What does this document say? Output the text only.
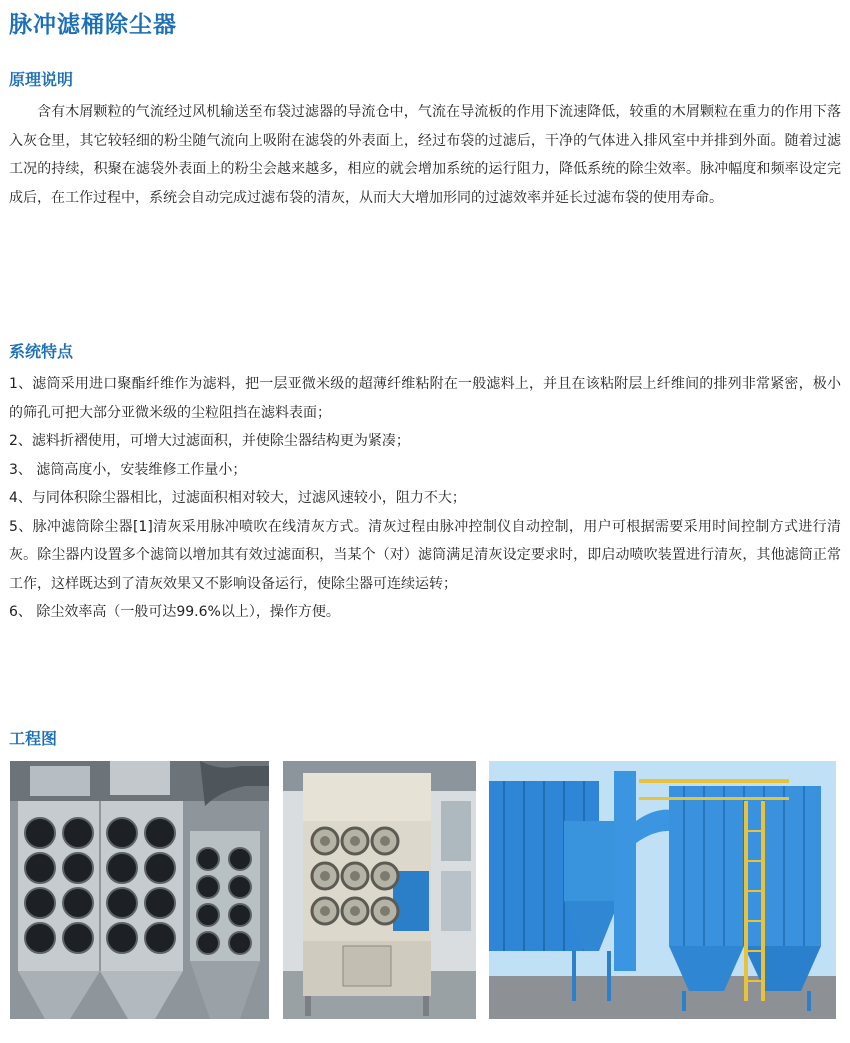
脉冲滤桶除尘器
原理说明

含有木屑颗粒的气流经过风机输送至布袋过滤器的导流仓中，气流在导流板的作用下流速降低，较重的木屑颗粒在重力的作用下落入灰仓里，其它较轻细的粉尘随气流向上吸附在滤袋的外表面上，经过布袋的过滤后，干净的气体进入排风室中并排到外面。随着过滤工况的持续，积聚在滤袋外表面上的粉尘会越来越多，相应的就会增加系统的运行阻力，降低系统的除尘效率。脉冲幅度和频率设定完成后，在工作过程中，系统会自动完成过滤布袋的清灰，从而大大增加形同的过滤效率并延长过滤布袋的使用寿命。

系统特点
1、滤筒采用进口聚酯纤维作为滤料，把一层亚微米级的超薄纤维粘附在一般滤料上，并且在该粘附层上纤维间的排列非常紧密，极小的筛孔可把大部分亚微米级的尘粒阻挡在滤料表面；
2、滤料折褶使用，可增大过滤面积，并使除尘器结构更为紧凑；
3、 滤筒高度小，安装维修工作量小；
4、与同体积除尘器相比，过滤面积相对较大，过滤风速较小，阻力不大；
5、脉冲滤筒除尘器[1]清灰采用脉冲喷吹在线清灰方式。清灰过程由脉冲控制仪自动控制，用户可根据需要采用时间控制方式进行清灰。除尘器内设置多个滤筒以增加其有效过滤面积，当某个（对）滤筒满足清灰设定要求时，即启动喷吹装置进行清灰，其他滤筒正常工作，这样既达到了清灰效果又不影响设备运行，使除尘器可连续运转；
6、 除尘效率高（一般可达99.6%以上），操作方便。
工程图
